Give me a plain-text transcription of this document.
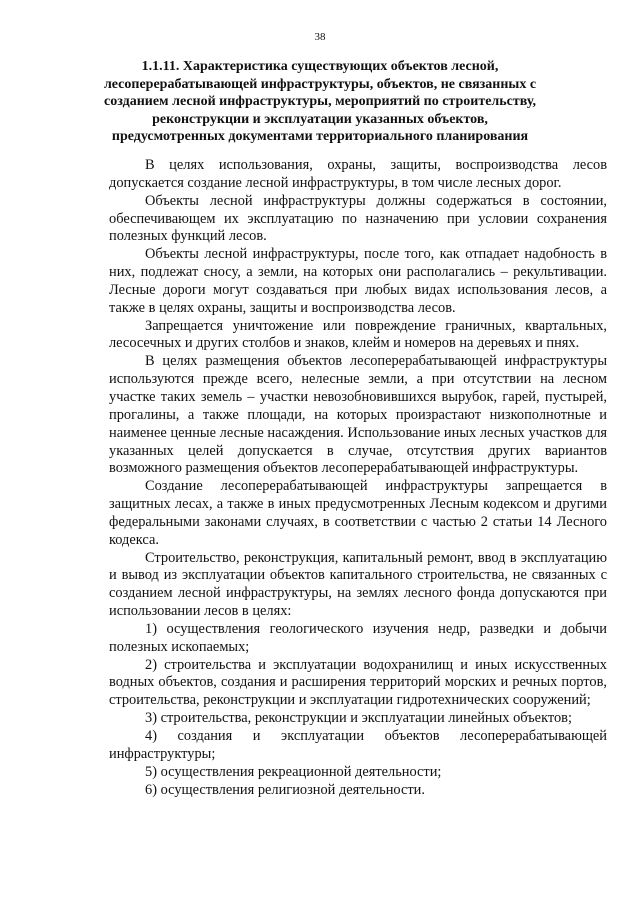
38
1.1.11. Характеристика существующих объектов лесной, лесоперерабатывающей инфраструктуры, объектов, не связанных с созданием лесной инфраструктуры, мероприятий по строительству, реконструкции и эксплуатации указанных объектов, предусмотренных документами территориального планирования

В целях использования, охраны, защиты, воспроизводства лесов допускается создание лесной инфраструктуры, в том числе лесных дорог.

Объекты лесной инфраструктуры должны содержаться в состоянии, обеспечивающем их эксплуатацию по назначению при условии сохранения полезных функций лесов.

Объекты лесной инфраструктуры, после того, как отпадает надобность в них, подлежат сносу, а земли, на которых они располагались – рекультивации. Лесные дороги могут создаваться при любых видах использования лесов, а также в целях охраны, защиты и воспроизводства лесов.

Запрещается уничтожение или повреждение граничных, квартальных, лесосечных и других столбов и знаков, клейм и номеров на деревьях и пнях.

В целях размещения объектов лесоперерабатывающей инфраструктуры используются прежде всего, нелесные земли, а при отсутствии на лесном участке таких земель – участки невозобновившихся вырубок, гарей, пустырей, прогалины, а также площади, на которых произрастают низкополнотные и наименее ценные лесные насаждения. Использование иных лесных участков для указанных целей допускается в случае, отсутствия других вариантов возможного размещения объектов лесоперерабатывающей инфраструктуры.

Создание лесоперерабатывающей инфраструктуры запрещается в защитных лесах, а также в иных предусмотренных Лесным кодексом и другими федеральными законами случаях, в соответствии с частью 2 статьи 14 Лесного кодекса.

Строительство, реконструкция, капитальный ремонт, ввод в эксплуатацию и вывод из эксплуатации объектов капитального строительства, не связанных с созданием лесной инфраструктуры, на землях лесного фонда допускаются при использовании лесов в целях:

1) осуществления геологического изучения недр, разведки и добычи полезных ископаемых;

2) строительства и эксплуатации водохранилищ и иных искусственных водных объектов, создания и расширения территорий морских и речных портов, строительства, реконструкции и эксплуатации гидротехнических сооружений;

3) строительства, реконструкции и эксплуатации линейных объектов;

4) создания и эксплуатации объектов лесоперерабатывающей инфраструктуры;

5) осуществления рекреационной деятельности;

6) осуществления религиозной деятельности.
